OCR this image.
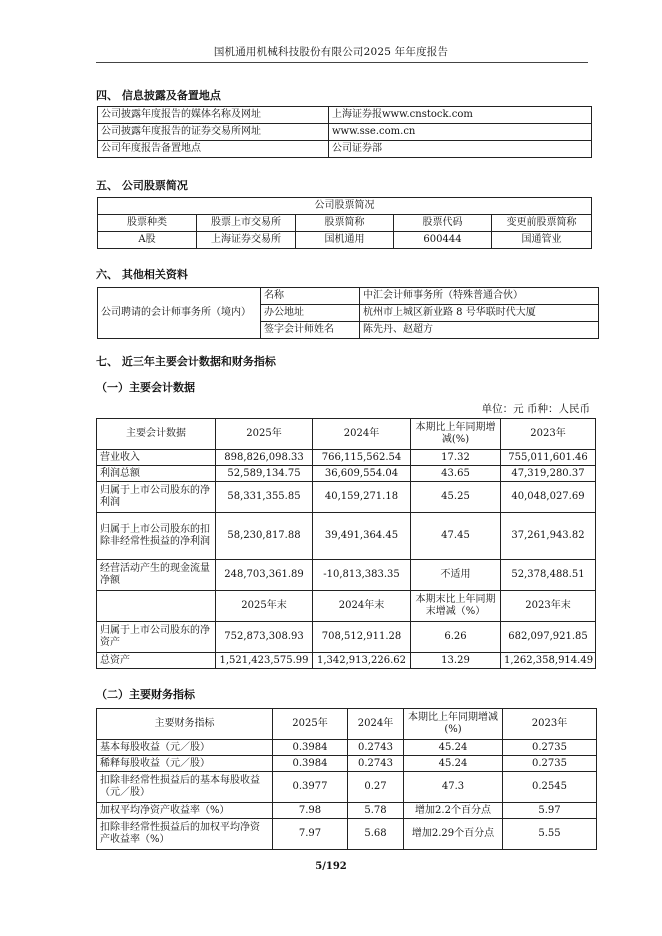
国机通用机械科技股份有限公司2025 年年度报告
四、 信息披露及备置地点
公司披露年度报告的媒体名称及网址	上海证券报www.cnstock.com
公司披露年度报告的证券交易所网址	www.sse.com.cn
公司年度报告备置地点	公司证券部
五、 公司股票简况
公司股票简况				
股票种类	股票上市交易所	股票简称	股票代码	变更前股票简称
A股	上海证券交易所	国机通用	600444	国通管业
六、 其他相关资料
公司聘请的会计师事务所（境内）	名称	中汇会计师事务所（特殊普通合伙）
	办公地址	杭州市上城区新业路 8 号华联时代大厦
	签字会计师姓名	陈先丹、赵超方
七、 近三年主要会计数据和财务指标
（一）主要会计数据
单位：元 币种：人民币
主要会计数据	2025年	2024年	本期比上年同期增减(%)	2023年
营业收入	898,826,098.33	766,115,562.54	17.32	755,011,601.46
利润总额	52,589,134.75	36,609,554.04	43.65	47,319,280.37
归属于上市公司股东的净利润	58,331,355.85	40,159,271.18	45.25	40,048,027.69
归属于上市公司股东的扣除非经常性损益的净利润	58,230,817.88	39,491,364.45	47.45	37,261,943.82
经营活动产生的现金流量净额	248,703,361.89	-10,813,383.35	不适用	52,378,488.51
	2025年末	2024年末	本期末比上年同期末增减（%）	2023年末
归属于上市公司股东的净资产	752,873,308.93	708,512,911.28	6.26	682,097,921.85
总资产	1,521,423,575.99	1,342,913,226.62	13.29	1,262,358,914.49
（二）主要财务指标
主要财务指标	2025年	2024年	本期比上年同期增减(%)	2023年
基本每股收益（元／股）	0.3984	0.2743	45.24	0.2735
稀释每股收益（元／股）	0.3984	0.2743	45.24	0.2735
扣除非经常性损益后的基本每股收益（元／股）	0.3977	0.27	47.3	0.2545
加权平均净资产收益率（%）	7.98	5.78	增加2.2个百分点	5.97
扣除非经常性损益后的加权平均净资产收益率（%）	7.97	5.68	增加2.29个百分点	5.55
5/192
